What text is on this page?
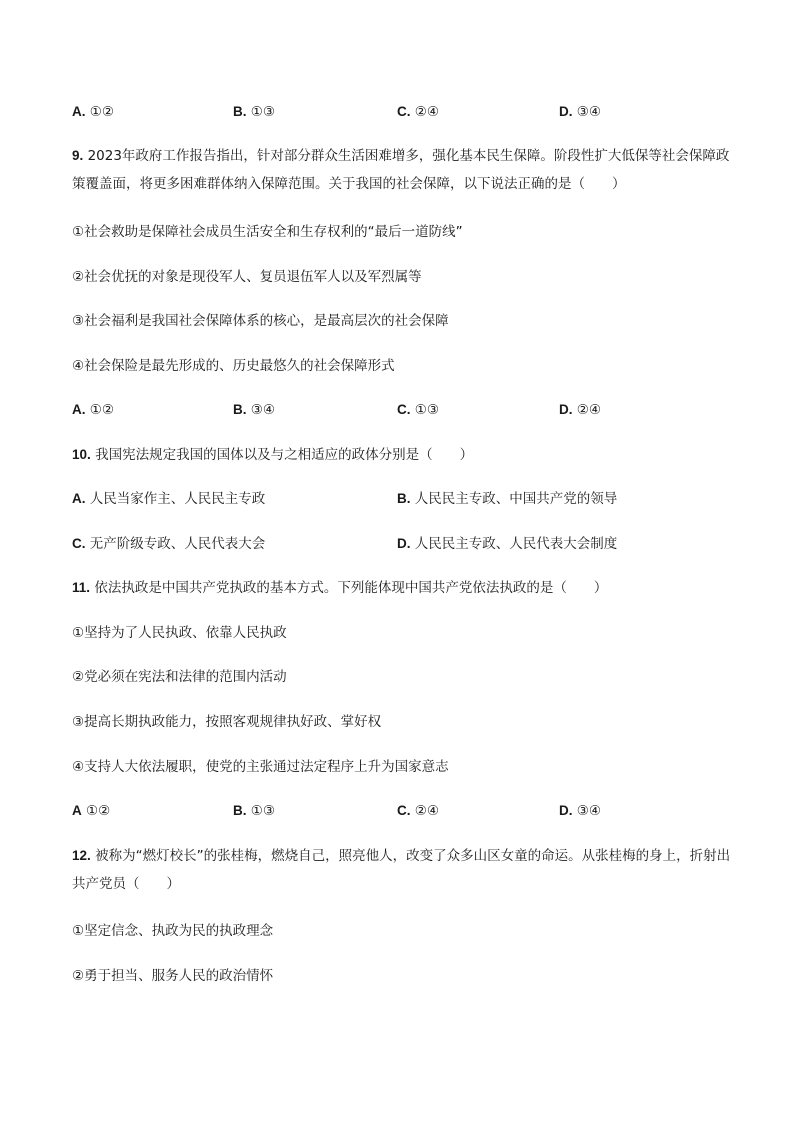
A. ①②	B. ①③	C. ②④	D. ③④
9. 2023年政府工作报告指出，针对部分群众生活困难增多，强化基本民生保障。阶段性扩大低保等社会保障政策覆盖面，将更多困难群体纳入保障范围。关于我国的社会保障，以下说法正确的是（　　）
①社会救助是保障社会成员生活安全和生存权利的“最后一道防线”
②社会优抚的对象是现役军人、复员退伍军人以及军烈属等
③社会福利是我国社会保障体系的核心，是最高层次的社会保障
④社会保险是最先形成的、历史最悠久的社会保障形式
A. ①②	B. ③④	C. ①③	D. ②④
10. 我国宪法规定我国的国体以及与之相适应的政体分别是（　　）
A. 人民当家作主、人民民主专政	B. 人民民主专政、中国共产党的领导
C. 无产阶级专政、人民代表大会	D. 人民民主专政、人民代表大会制度
11. 依法执政是中国共产党执政的基本方式。下列能体现中国共产党依法执政的是（　　）
①坚持为了人民执政、依靠人民执政
②党必须在宪法和法律的范围内活动
③提高长期执政能力，按照客观规律执好政、掌好权
④支持人大依法履职，使党的主张通过法定程序上升为国家意志
A ①②	B. ①③	C. ②④	D. ③④
12. 被称为“燃灯校长”的张桂梅，燃烧自己，照亮他人，改变了众多山区女童的命运。从张桂梅的身上，折射出共产党员（　　）
①坚定信念、执政为民的执政理念
②勇于担当、服务人民的政治情怀
